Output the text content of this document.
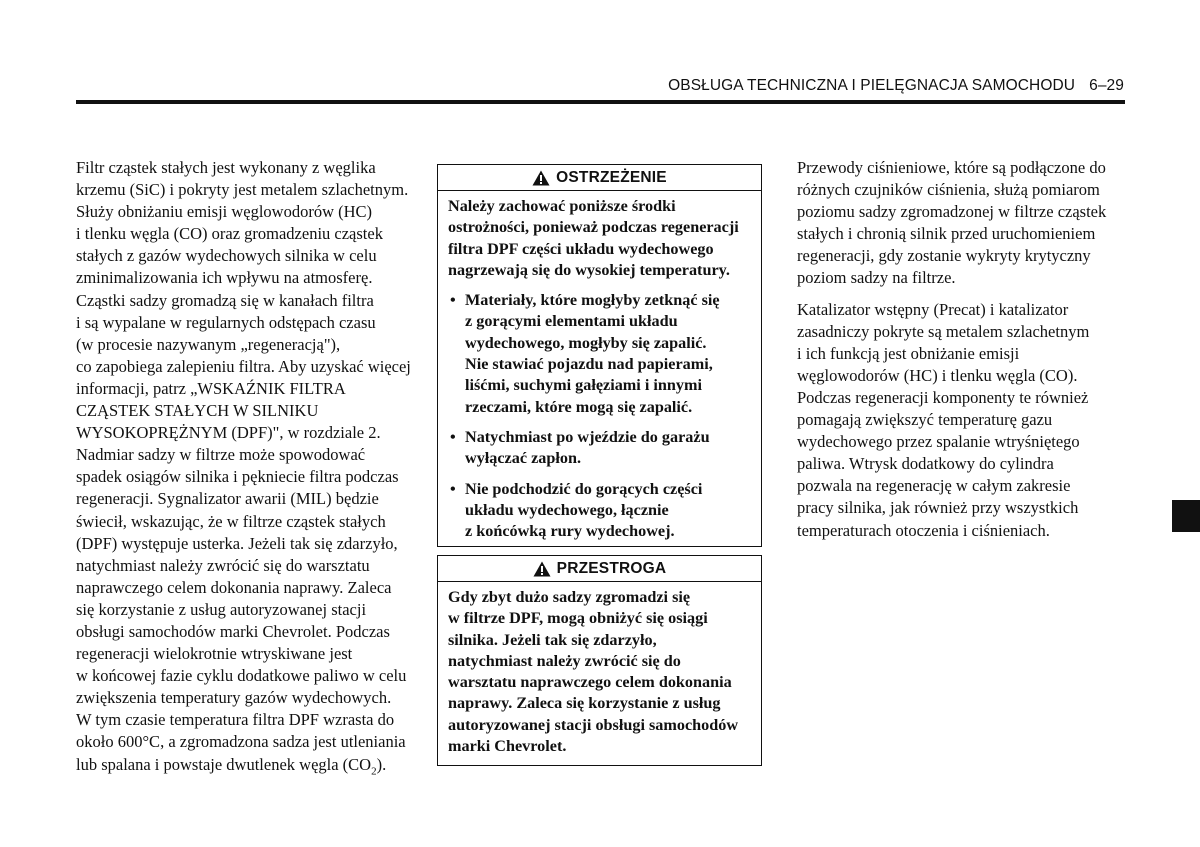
OBSŁUGA TECHNICZNA I PIELĘGNACJA SAMOCHODU 6–29

Filtr cząstek stałych jest wykonany z węglika
krzemu (SiC) i pokryty jest metalem szlachetnym.
Służy obniżaniu emisji węglowodorów (HC)
i tlenku węgla (CO) oraz gromadzeniu cząstek
stałych z gazów wydechowych silnika w celu
zminimalizowania ich wpływu na atmosferę.
Cząstki sadzy gromadzą się w kanałach filtra
i są wypalane w regularnych odstępach czasu
(w procesie nazywanym „regeneracją"),
co zapobiega zalepieniu filtra. Aby uzyskać więcej
informacji, patrz „WSKAŹNIK FILTRA
CZĄSTEK STAŁYCH W SILNIKU
WYSOKOPRĘŻNYM (DPF)", w rozdziale 2.
Nadmiar sadzy w filtrze może spowodować
spadek osiągów silnika i pękniecie filtra podczas
regeneracji. Sygnalizator awarii (MIL) będzie
świecił, wskazując, że w filtrze cząstek stałych
(DPF) występuje usterka. Jeżeli tak się zdarzyło,
natychmiast należy zwrócić się do warsztatu
naprawczego celem dokonania naprawy. Zaleca
się korzystanie z usług autoryzowanej stacji
obsługi samochodów marki Chevrolet. Podczas
regeneracji wielokrotnie wtryskiwane jest
w końcowej fazie cyklu dodatkowe paliwo w celu
zwiększenia temperatury gazów wydechowych.
W tym czasie temperatura filtra DPF wzrasta do
około 600°C, a zgromadzona sadza jest utleniania
lub spalana i powstaje dwutlenek węgla $(CO_2)$.

OSTRZEŻENIE

Należy zachować poniższe środki
ostrożności, ponieważ podczas regeneracji
filtra DPF części układu wydechowego
nagrzewają się do wysokiej temperatury.

• Materiały, które mogłyby zetknąć się
z gorącymi elementami układu
wydechowego, mogłyby się zapalić.
Nie stawiać pojazdu nad papierami,
liśćmi, suchymi gałęziami i innymi
rzeczami, które mogą się zapalić.
• Natychmiast po wjeździe do garażu
wyłączać zapłon.
• Nie podchodzić do gorących części
układu wydechowego, łącznie
z końcówką rury wydechowej.
PRZESTROGA

Gdy zbyt dużo sadzy zgromadzi się
w filtrze DPF, mogą obniżyć się osiągi
silnika. Jeżeli tak się zdarzyło,
natychmiast należy zwrócić się do
warsztatu naprawczego celem dokonania
naprawy. Zaleca się korzystanie z usług
autoryzowanej stacji obsługi samochodów
marki Chevrolet.

Przewody ciśnieniowe, które są podłączone do
różnych czujników ciśnienia, służą pomiarom
poziomu sadzy zgromadzonej w filtrze cząstek
stałych i chronią silnik przed uruchomieniem
regeneracji, gdy zostanie wykryty krytyczny
poziom sadzy na filtrze.

Katalizator wstępny (Precat) i katalizator
zasadniczy pokryte są metalem szlachetnym
i ich funkcją jest obniżanie emisji
węglowodorów (HC) i tlenku węgla (CO).
Podczas regeneracji komponenty te również
pomagają zwiększyć temperaturę gazu
wydechowego przez spalanie wtryśniętego
paliwa. Wtrysk dodatkowy do cylindra
pozwala na regenerację w całym zakresie
pracy silnika, jak również przy wszystkich
temperaturach otoczenia i ciśnieniach.
